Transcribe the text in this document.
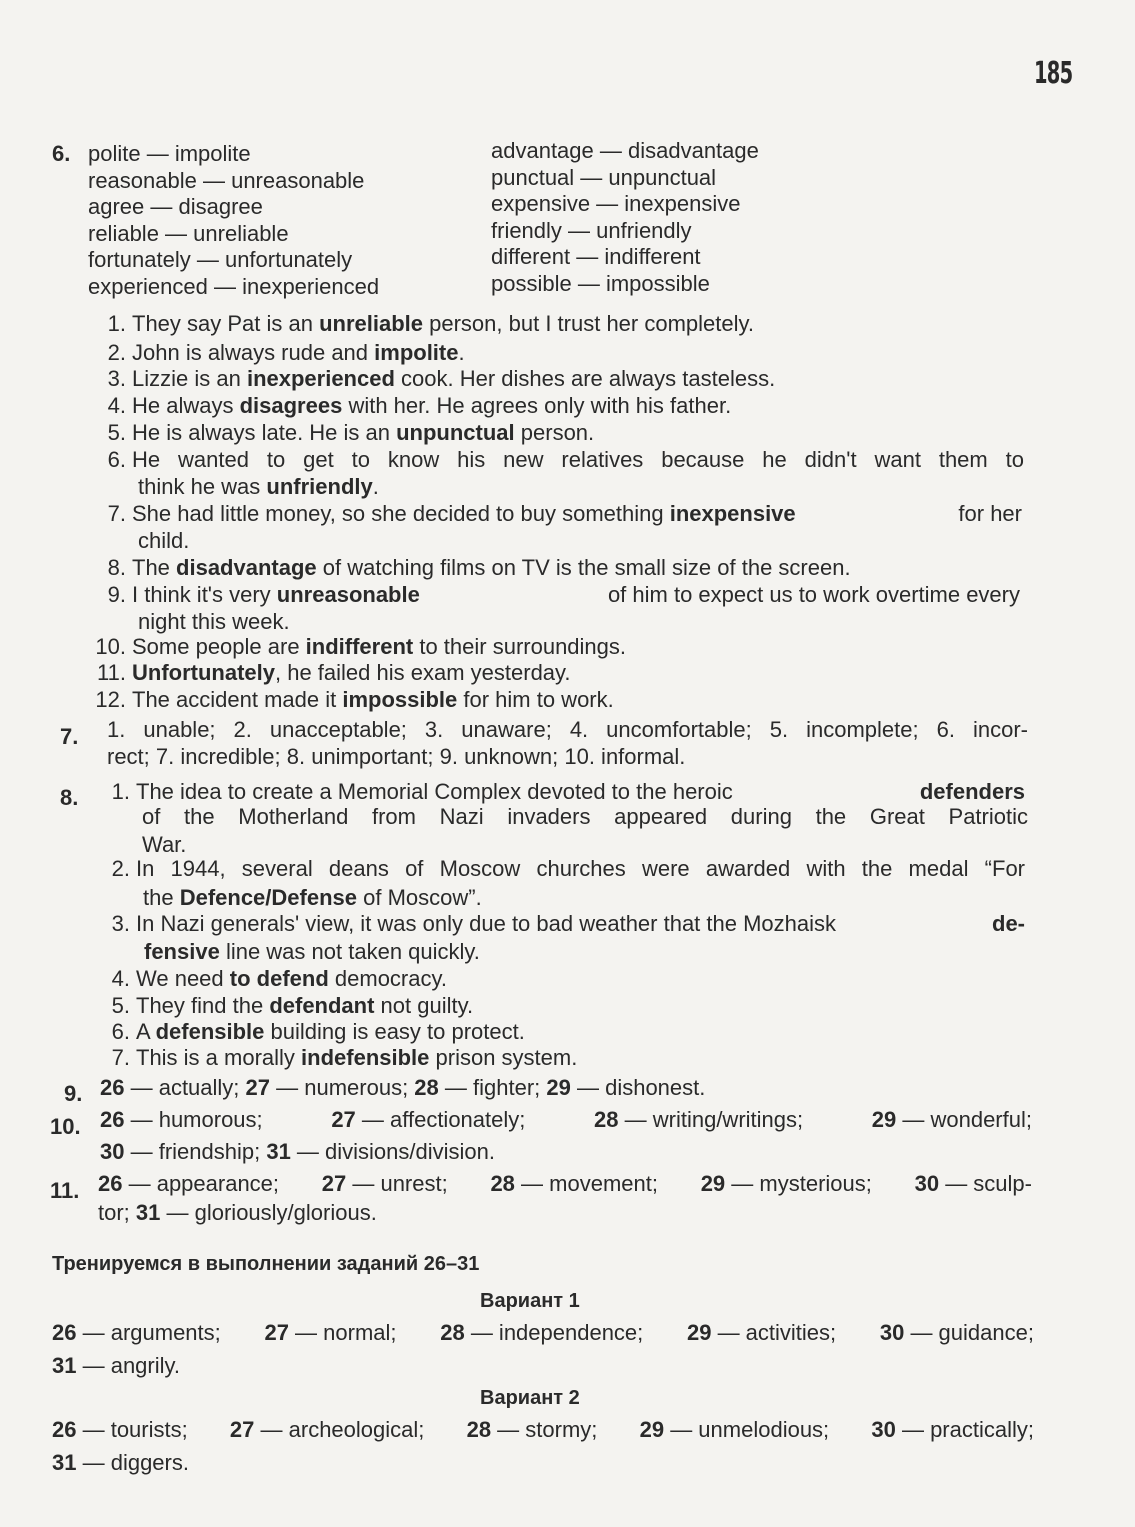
185
6. polite — impolite
reasonable — unreasonable
agree — disagree
reliable — unreliable
fortunately — unfortunately
experienced — inexperienced
advantage — disadvantage
punctual — unpunctual
expensive — inexpensive
friendly — unfriendly
different — indifferent
possible — impossible
1. They say Pat is an unreliable person, but I trust her completely.
2. John is always rude and impolite.
3. Lizzie is an inexperienced cook. Her dishes are always tasteless.
4. He always disagrees with her. He agrees only with his father.
5. He is always late. He is an unpunctual person.
6. He wanted to get to know his new relatives because he didn't want them to
think he was unfriendly.
7. She had little money, so she decided to buy something inexpensive	for her
child.
8. The disadvantage of watching films on TV is the small size of the screen.
9. I think it's very unreasonable	of him to expect us to work overtime every
night this week.
10. Some people are indifferent to their surroundings.
11. Unfortunately, he failed his exam yesterday.
12. The accident made it impossible for him to work.
7. 1. unable; 2. unacceptable; 3. unaware; 4. uncomfortable; 5. incomplete; 6. incor-
rect; 7. incredible; 8. unimportant; 9. unknown; 10. informal.
8.	1. The idea to create a Memorial Complex devoted to the heroic	defenders
of the Motherland from Nazi invaders appeared during the Great Patriotic
War.
2. In 1944, several deans of Moscow churches were awarded with the medal “For
the Defence/Defense of Moscow”.
3. In Nazi generals' view, it was only due to bad weather that the Mozhaisk	de-
fensive line was not taken quickly.
4. We need to defend democracy.
5. They find the defendant not guilty.
6. A defensible building is easy to protect.
7. This is a morally indefensible prison system.
9. 26 — actually; 27 — numerous; 28 — fighter; 29 — dishonest.
10. 26 — humorous;	27 — affectionately;	28 — writing/writings;	29 — wonderful;
30 — friendship; 31 — divisions/division.
11. 26 — appearance; 27 — unrest; 28 — movement; 29 — mysterious; 30 — sculp-
tor; 31 — gloriously/glorious.
Тренируемся в выполнении заданий 26–31
Вариант 1
26 — arguments; 27 — normal; 28 — independence; 29 — activities; 30 — guidance;
31 — angrily.
Вариант 2
26 — tourists; 27 — archeological; 28 — stormy; 29 — unmelodious; 30 — practically;
31 — diggers.
